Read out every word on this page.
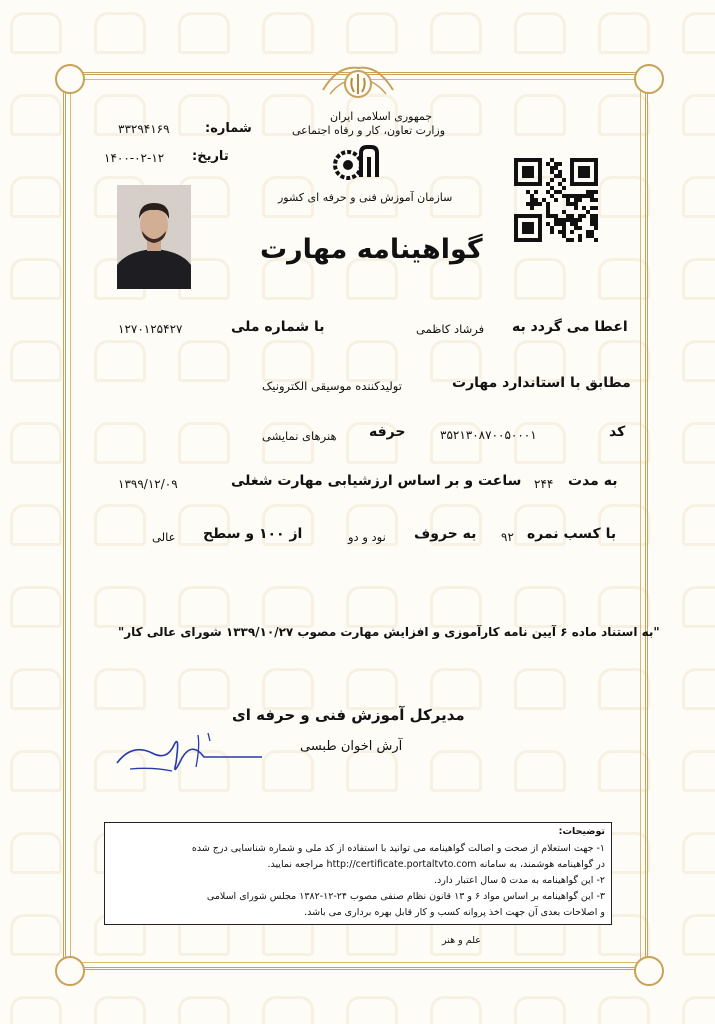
جمهوری اسلامی ایران
وزارت تعاون، کار و رفاه اجتماعی
شماره:
۳۳۲۹۴۱۶۹
تاریخ:
۱۴۰۰-۰۲-۱۲
سازمان آموزش فنی و حرفه ای کشور
گواهینامه مهارت
اعطا می گردد به
فرشاد کاظمی
با شماره ملی
۱۲۷۰۱۲۵۴۲۷
مطابق با استاندارد مهارت
تولیدکننده موسیقی الکترونیک
کد
۳۵۲۱۳۰۸۷۰۰۵۰۰۰۱
حرفه
هنرهای نمایشی
به مدت
۲۴۴
ساعت و بر اساس ارزشیابی مهارت شغلی
۱۳۹۹/۱۲/۰۹
با کسب نمره
۹۲
به حروف
نود و دو
از ۱۰۰ و سطح
عالی
"به استناد ماده ۶ آیین نامه کارآموزی و افزایش مهارت مصوب ۱۳۳۹/۱۰/۲۷ شورای عالی کار"
مدیرکل آموزش فنی و حرفه ای
آرش اخوان طبسی
توضیحات:
۱- جهت استعلام از صحت و اصالت گواهینامه می توانید با استفاده از کد ملی و شماره شناسایی درج شده
در گواهینامه هوشمند، به سامانه http://certificate.portaltvto.com مراجعه نمایید.
۲- این گواهینامه به مدت ۵ سال اعتبار دارد.
۳- این گواهینامه بر اساس مواد ۶ و ۱۳ قانون نظام صنفی مصوب ۲۴-۱۲-۱۳۸۲ مجلس شورای اسلامی
و اصلاحات بعدی آن جهت اخذ پروانه کسب و کار قابل بهره برداری می باشد.
علم و هنر
